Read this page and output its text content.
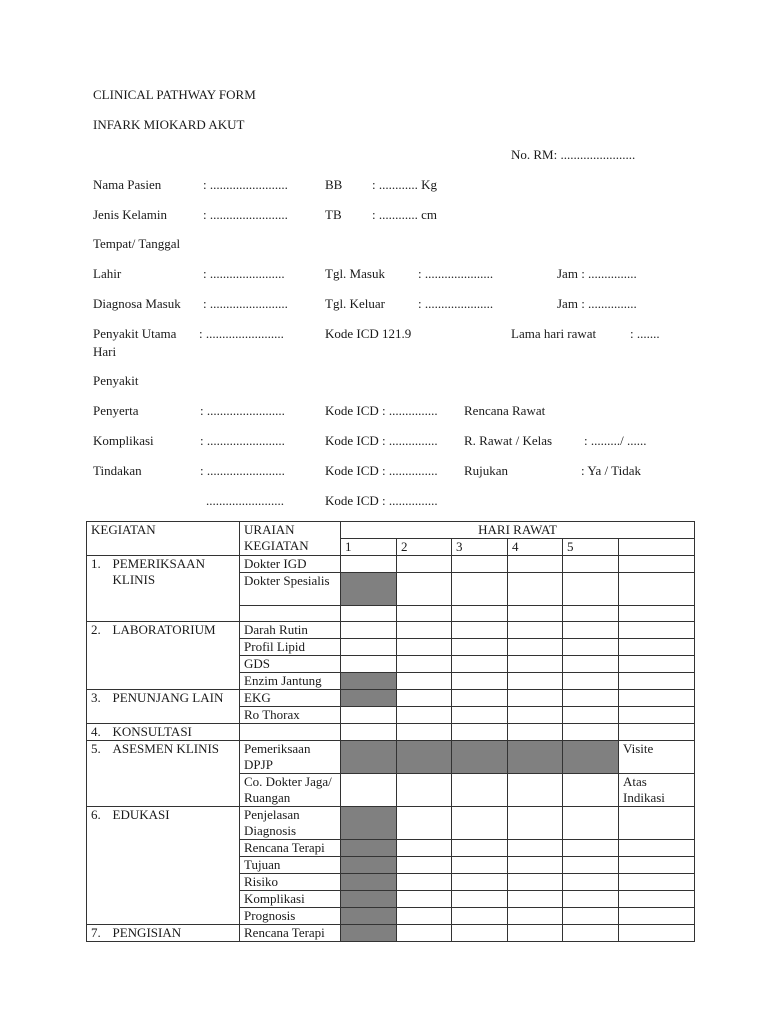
CLINICAL PATHWAY FORM
INFARK MIOKARD AKUT
No. RM: .......................
Nama Pasien	: ........................	BB : ............ Kg
Jenis Kelamin	: ........................	TB : ............ cm
Tempat/ Tanggal
Lahir	: .......................	Tgl. Masuk	: .....................	Jam : ...............
Diagnosa Masuk : ........................	Tgl. Keluar	: .....................	Jam : ...............
Penyakit Utama : ........................	Kode ICD 121.9	Lama hari rawat	: .......
Hari
Penyakit
Penyerta	: ........................	Kode ICD : ............... Rencana Rawat
Komplikasi	: ........................	Kode ICD : ............... R. Rawat / Kelas : ........./ ......
Tindakan	: ........................	Kode ICD : ............... Rujukan	: Ya / Tidak
........................	Kode ICD : ...............
KEGIATAN		URAIAN KEGIATAN	HARI RAWAT					
			1	2	3	4	5	
1.	PEMERIKSAAN KLINIS	Dokter IGD						
		Dokter Spesialis						

2.	LABORATORIUM	Darah Rutin						
		Profil Lipid						
		GDS						
		Enzim Jantung						
3.	PENUNJANG LAIN	EKG						
		Ro Thorax						
4.	KONSULTASI							
5.	ASESMEN KLINIS	Pemeriksaan DPJP						Visite
		Co. Dokter Jaga/ Ruangan						Atas Indikasi
6.	EDUKASI	Penjelasan Diagnosis						
		Rencana Terapi						
		Tujuan						
		Risiko						
		Komplikasi						
		Prognosis						
7.	PENGISIAN	Rencana Terapi						
